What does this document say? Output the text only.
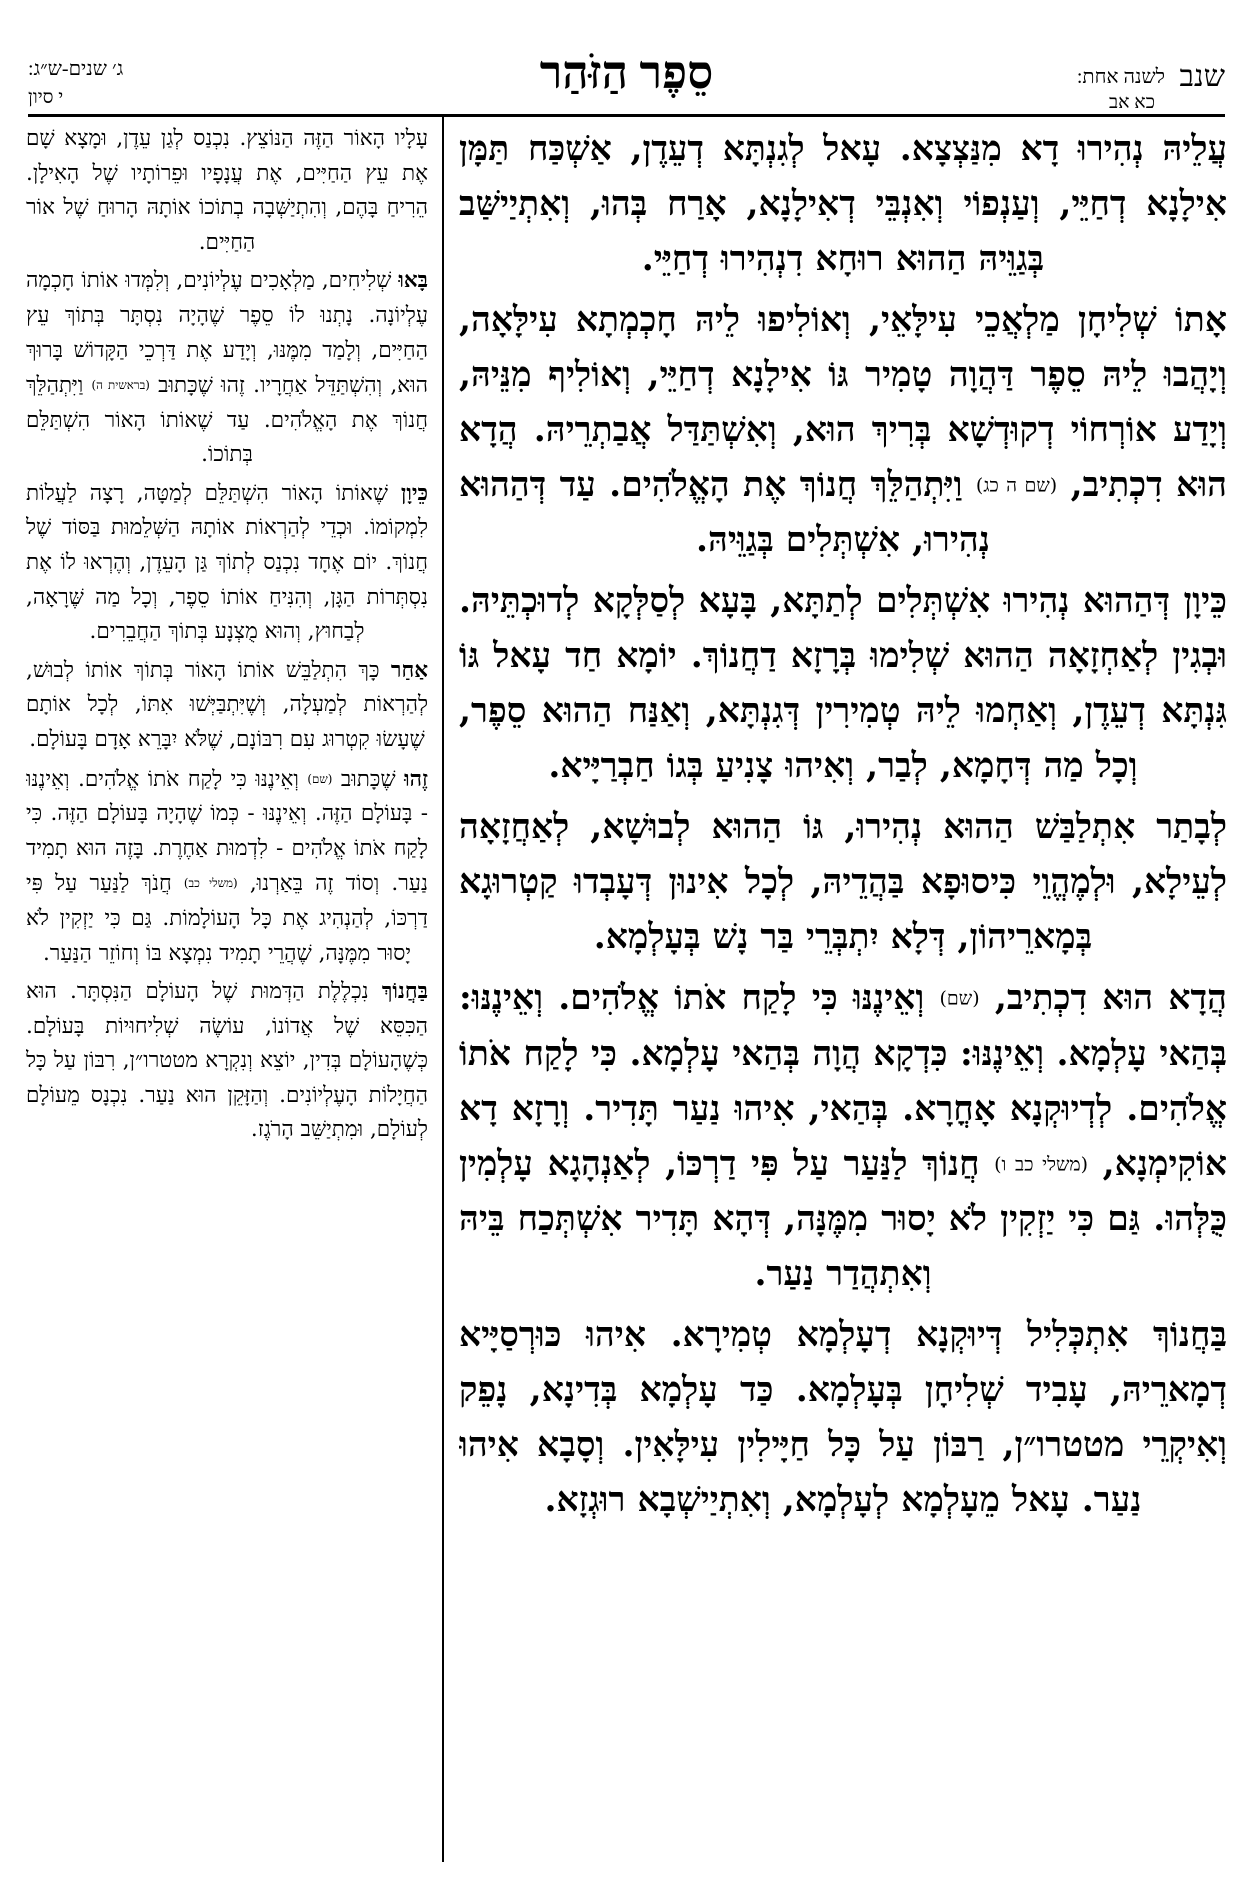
שנב
לשנה אחת:
כא אב
סֵפֶר הַזֹּהַר
ג׳ שנים-ש״ג:
י סיון

עֲלֵיהּ נְהִירוּ דָא מִנַּצְצָא. עָאל לְגִנְתָּא דְעֵדֶן, אַשְׁכַּח תַּמָּן אִילָנָא דְחַיֵּי, וְעַנְפוֹי וְאִנְבֵּי דְאִילָנָא, אָרַח בְּהוּ, וְאִתְיַישַּׁב בְּגַוֵּיהּ הַהוּא רוּחָא דִנְהִירוּ דְחַיֵּי.

אָתוֹ שְׁלִיחָן מַלְאֲכֵי עִילָּאֵי, וְאוֹלִיפוּ לֵיהּ חָכְמְתָא עִילָּאָה, וְיָהֲבוּ לֵיהּ סֵפֶר דַּהֲוָה טָמִיר גּוֹ אִילָנָא דְחַיֵּי, וְאוֹלִיף מִנֵּיהּ, וְיָדַע אוֹרְחוֹי דְקוּדְשָׁא בְּרִיךְ הוּא, וְאִשְׁתַּדַּל אֲבַתְרֵיהּ. הֲדָא הוּא דִכְתִיב, (שם ה כג) וַיִּתְהַלֵּךְ חֲנוֹךְ אֶת הָאֱלֹהִים. עַד דְּהַהוּא נְהִירוּ, אִשְׁתְּלִים בְּגַוֵּיהּ.

כֵּיוָן דְּהַהוּא נְהִירוּ אִשְׁתְּלִים לְתַתָּא, בָּעָא לְסַלְּקָא לְדוּכְתֵּיהּ. וּבְגִין לְאַחְזָאָה הַהוּא שְׁלִימוּ בְּרָזָא דַחֲנוֹךְ. יוֹמָא חַד עָאל גּוֹ גִּנְתָּא דְעֵדֶן, וְאַחְמוּ לֵיהּ טְמִירִין דְּגִנְתָּא, וְאַנַּח הַהוּא סֵפֶר, וְכָל מַה דְּחָמָא, לְבַר, וְאִיהוּ צָנִיעַ בְּגוֹ חַבְרַיָּיא.

לְבָתַר אִתְלַבַּשׁ הַהוּא נְהִירוּ, גּוֹ הַהוּא לְבוּשָׁא, לְאַחֲזָאָה לְעֵילָא, וּלְמֶהֱוֵי כִּיסוּפָא בַּהֲדֵיהּ, לְכָל אִינוּן דְּעָבְדוּ קַטְרוּגָא בְּמָארֵיהוֹן, דְּלָא יִתְבְּרֵי בַּר נָשׁ בְּעָלְמָא.

הֲדָא הוּא דִכְתִיב, (שם) וְאֵינֶנּוּ כִּי לָקַח אֹתוֹ אֱלֹהִים. וְאֵינֶנּוּ: בְּהַאי עָלְמָא. וְאֵינֶנּוּ: כִּדְקָא הֲוָה בְּהַאי עָלְמָא. כִּי לָקַח אֹתוֹ אֱלֹהִים. לְדְיוּקְנָא אָחֳרָא. בְּהַאי, אִיהוּ נַעַר תָּדִיר. וְרָזָא דָא אוֹקִימְנָא, (משלי כב ו) חֲנוֹךְ לַנַּעַר עַל פִּי דַרְכּוֹ, לְאַנְהָגָא עָלְמִין כֻּלְּהוּ. גַּם כִּי יַזְקִין לֹא יָסוּר מִמֶּנָּה, דְּהָא תָּדִיר אִשְׁתְּכַח בֵּיהּ וְאִתְהֲדַר נַעַר.

בַּחֲנוֹךְ אִתְכְּלִיל דְּיוּקְנָא דְעָלְמָא טְמִירָא. אִיהוּ כּוּרְסַיָּיא דְמָארֵיהּ, עָבִיד שְׁלִיחָן בְּעָלְמָא. כַּד עָלְמָא בְּדִינָא, נָפֵק וְאִיקְרֵי מטטרו״ן, רַבּוֹן עַל כָּל חַיָּילִין עִילָּאִין. וְסָבָא אִיהוּ נַעַר. עָאל מֵעָלְמָא לְעָלְמָא, וְאִתְיַישְׁבָא רוּגְזָא.

עָלָיו הָאוֹר הַזֶּה הַנּוֹצֵץ. נִכְנַס לְגַן עֵדֶן, וּמָצָא שָׁם אֶת עֵץ הַחַיִּים, אֶת עֲנָפָיו וּפֵרוֹתָיו שֶׁל הָאִילָן. הֵרִיחַ בָּהֶם, וְהִתְיַשְּׁבָה בְתוֹכוֹ אוֹתָהּ הָרוּחַ שֶׁל אוֹר הַחַיִּים.

בָּאוּ שְׁלִיחִים, מַלְאָכִים עֶלְיוֹנִים, וְלִמְּדוּ אוֹתוֹ חָכְמָה עֶלְיוֹנָה. נָתְנוּ לוֹ סֵפֶר שֶׁהָיָה נִסְתָּר בְּתוֹךְ עֵץ הַחַיִּים, וְלָמַד מִמֶּנּוּ, וְיָדַע אֶת דַּרְכֵי הַקָּדוֹשׁ בָּרוּךְ הוּא, וְהִשְׁתַּדֵּל אַחֲרָיו. זֶהוּ שֶׁכָּתוּב (בראשית ה) וַיִּתְהַלֵּךְ חֲנוֹךְ אֶת הָאֱלֹהִים. עַד שֶׁאוֹתוֹ הָאוֹר הִשְׁתַּלֵּם בְּתוֹכוֹ.

כֵּיוָן שֶׁאוֹתוֹ הָאוֹר הִשְׁתַּלֵּם לְמַטָּה, רָצָה לַעֲלוֹת לִמְקוֹמוֹ. וּכְדֵי לְהַרְאוֹת אוֹתָהּ הַשְּׁלֵמוּת בַּסּוֹד שֶׁל חֲנוֹךְ. יוֹם אֶחָד נִכְנַס לְתוֹךְ גַּן הָעֵדֶן, וְהֶרְאוּ לוֹ אֶת נִסְתְּרוֹת הַגָּן, וְהִנִּיחַ אוֹתוֹ סֵפֶר, וְכָל מַה שֶּׁרָאָה, לְבַחוּץ, וְהוּא מֻצְנָע בְּתוֹךְ הַחֲבֵרִים.

אַחַר כָּךְ הִתְלַבֵּשׁ אוֹתוֹ הָאוֹר בְּתוֹךְ אוֹתוֹ לְבוּשׁ, לְהַרְאוֹת לְמַעְלָה, וְשֶׁיִּתְבַּיְּשׁוּ אִתּוֹ, לְכָל אוֹתָם שֶׁעָשׂוּ קִטְרוּג עִם רִבּוֹנָם, שֶׁלֹּא יִבָּרֵא אָדָם בָּעוֹלָם.

זֶהוּ שֶׁכָּתוּב (שם) וְאֵינֶנּוּ כִּי לָקַח אֹתוֹ אֱלֹהִים. וְאֵינֶנּוּ - בָּעוֹלָם הַזֶּה. וְאֵינֶנּוּ - כְּמוֹ שֶׁהָיָה בָּעוֹלָם הַזֶּה. כִּי לָקַח אֹתוֹ אֱלֹהִים - לִדְמוּת אַחֶרֶת. בָּזֶה הוּא תָמִיד נַעַר. וְסוֹד זֶה בֵּאַרְנוּ, (משלי כב) חֲנֹךְ לַנַּעַר עַל פִּי דַרְכּוֹ, לְהַנְהִיג אֶת כָּל הָעוֹלָמוֹת. גַּם כִּי יַזְקִין לֹא יָסוּר מִמֶּנָּה, שֶׁהֲרֵי תָמִיד נִמְצָא בּוֹ וְחוֹזֵר הַנַּעַר.

בַּחֲנוֹךְ נִכְלֶלֶת הַדְּמוּת שֶׁל הָעוֹלָם הַנִּסְתָּר. הוּא הַכִּסֵּא שֶׁל אֲדוֹנוֹ, עוֹשֶׂה שְׁלִיחוּיוֹת בָּעוֹלָם. כְּשֶׁהָעוֹלָם בְּדִין, יוֹצֵא וְנִקְרָא מטטרו״ן, רִבּוֹן עַל כָּל הַחֲיָלוֹת הָעֶלְיוֹנִים. וְהַזָּקֵן הוּא נַעַר. נִכְנָס מֵעוֹלָם לְעוֹלָם, וּמִתְיַשֵּׁב הָרֹגֶז.
